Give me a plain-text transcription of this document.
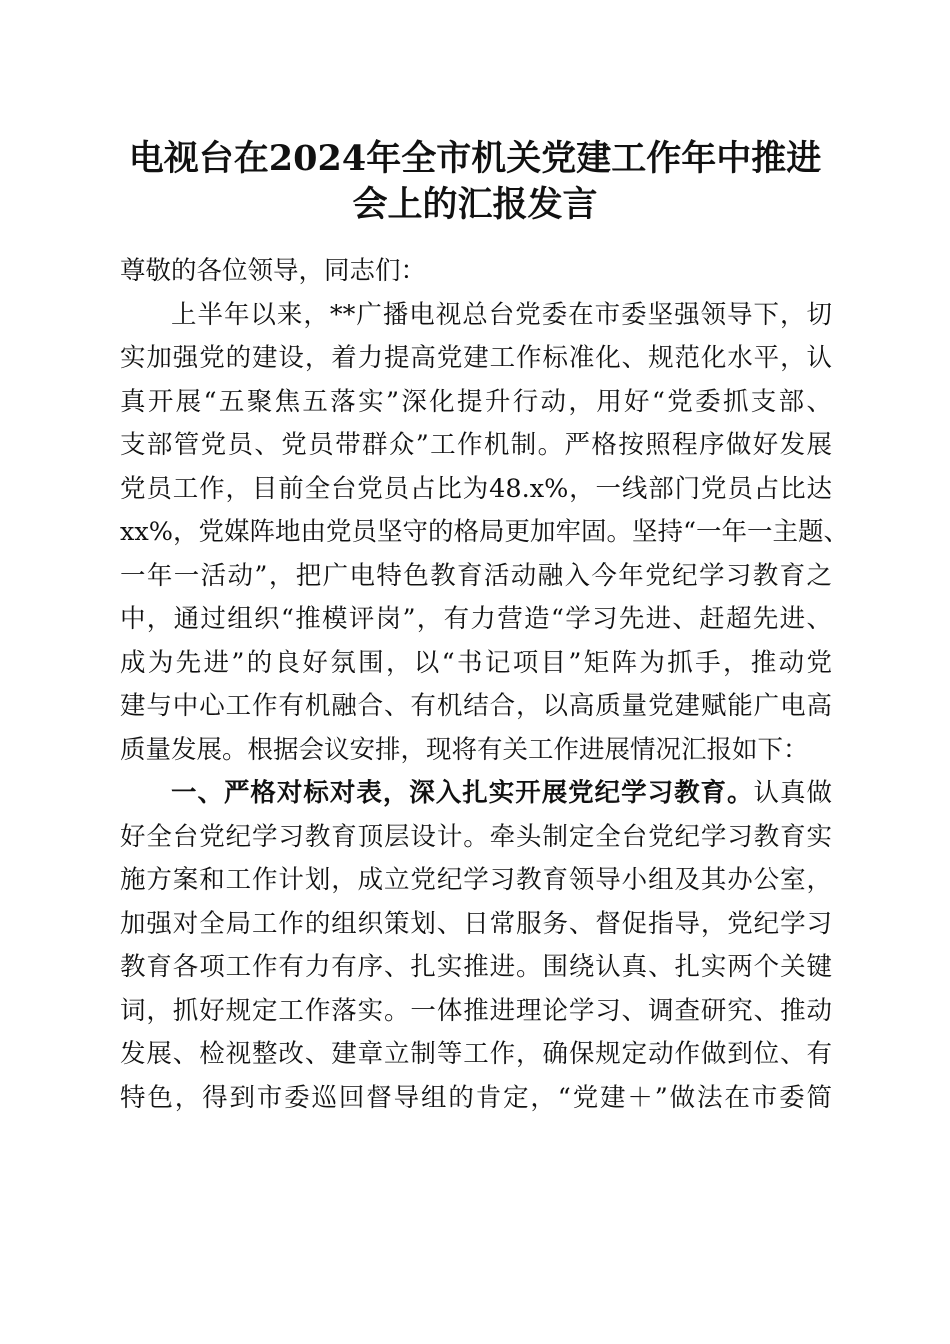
电视台在2024年全市机关党建工作年中推进
会上的汇报发言

尊敬的各位领导，同志们：

上半年以来，**广播电视总台党委在市委坚强领导下，切
实加强党的建设，着力提高党建工作标准化、规范化水平，认
真开展“五聚焦五落实”深化提升行动，用好“党委抓支部、
支部管党员、党员带群众”工作机制。严格按照程序做好发展
党员工作，目前全台党员占比为48.x%，一线部门党员占比达
xx%，党媒阵地由党员坚守的格局更加牢固。坚持“一年一主题、
一年一活动”，把广电特色教育活动融入今年党纪学习教育之
中，通过组织“推模评岗”，有力营造“学习先进、赶超先进、
成为先进”的良好氛围，以“书记项目”矩阵为抓手，推动党
建与中心工作有机融合、有机结合，以高质量党建赋能广电高
质量发展。根据会议安排，现将有关工作进展情况汇报如下：
一、严格对标对表，深入扎实开展党纪学习教育。认真做
好全台党纪学习教育顶层设计。牵头制定全台党纪学习教育实
施方案和工作计划，成立党纪学习教育领导小组及其办公室，
加强对全局工作的组织策划、日常服务、督促指导，党纪学习
教育各项工作有力有序、扎实推进。围绕认真、扎实两个关键
词，抓好规定工作落实。一体推进理论学习、调查研究、推动
发展、检视整改、建章立制等工作，确保规定动作做到位、有
特色，得到市委巡回督导组的肯定，“党建＋”做法在市委简
